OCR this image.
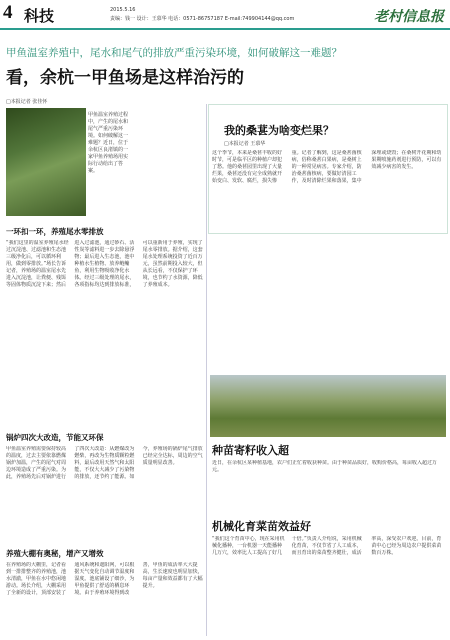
4 科技	2015.5.16
责编：钱一 设计：王慕华 电话：0571-86757187 E-mail:749904144@qq.com	老村信息报
甲鱼温室养殖中，尾水和尾气的排放严重污染环境，如何破解这一难题？
看，余杭一甲鱼场是这样治污的
□本报记者 张佳怀
甲鱼温室养殖过程中，产生的尾水和尾气严重污染环境。如何破解这一难题？近日，位于余杭区良渚镇的一家甲鱼养殖场用实际行动给出了答案。
一环扣一环，养殖尾水零排放
“我们这里的温室养殖尾水经过沉淀池、过滤池和生态池三级净化后，可以循环利用，做到零排放。”场长告诉记者，养殖场的温室尾水先进入沉淀池，让粪便、残饵等固体物质沉淀下来；然后进入过滤池，通过砂石、活性炭等滤料进一步去除悬浮物；最后进入生态池，池中种植水生植物、放养鲢鳙鱼，利用生物吸收净化水体。经过三级处理的尾水，各项指标均达到排放标准，可以重新用于养殖，实现了尾水零排放。据介绍，这套尾水处理系统投资了近百万元，虽然前期投入较大，但从长远看，不仅保护了环境，也节约了水资源，降低了养殖成本。
锅炉四次大改造，节能又环保
甲鱼温室养殖需要保持较高的温度，过去主要依靠燃煤锅炉加温，产生的尾气对周边环境造成了严重污染。为此，养殖场先后对锅炉进行了四次大改造：从燃煤改为燃柴，再改为生物质颗粒燃料，最后改用天然气和太阳能，不仅大大减少了污染物的排放，还节约了能源。如今，养殖场的锅炉尾气排放已经完全达标，周边的空气质量明显改善。
养殖大棚有奥秘，增产又增效
在养殖场的大棚里，记者看到一排排整齐的养殖池，池水清澈，甲鱼在水中悠闲地游动。场长介绍，大棚采用了全新的设计，顶部安装了通风系统和遮阳网，可以根据天气变化自动调节温度和湿度。池底铺设了细沙，为甲鱼提供了舒适的栖息环境。由于养殖环境得到改善，甲鱼的成活率大大提高，生长速度也明显加快，每亩产量和效益都有了大幅提升。
我的桑葚为啥变烂果？
□本报记者 王慕华
这个季节，本来是桑葚丰收的好时节，可是临平区的种植户却犯了愁。他的桑葚园里出现了大量烂果，桑葚还没有完全成熟就开始变白、发软、腐烂，损失惨重。记者了解到，这是桑葚菌核病，俗称桑葚白果病，是桑树上的一种常见病害。专家介绍，防治桑葚菌核病，要做好清园工作，及时清除烂果和落果，集中深埋或烧毁；在桑树开花期和幼果期喷施药剂进行预防，可以有效减少病害的发生。
种苗寄籽收入超
近日，在余杭区某种植基地，农户们正忙着收获种苗。由于种苗品质好，收购价格高，每亩收入超过万元。
机械化育菜苗效益好
“我们这个育苗中心，现在采用机械化播种，一台机器一天能播种几万穴，效率比人工提高了好几十倍。”负责人介绍说，采用机械化育苗，不仅节省了人工成本，而且育出的菜苗整齐健壮，成活率高，深受农户欢迎。目前，育苗中心已经为周边农户提供菜苗数百万株。
